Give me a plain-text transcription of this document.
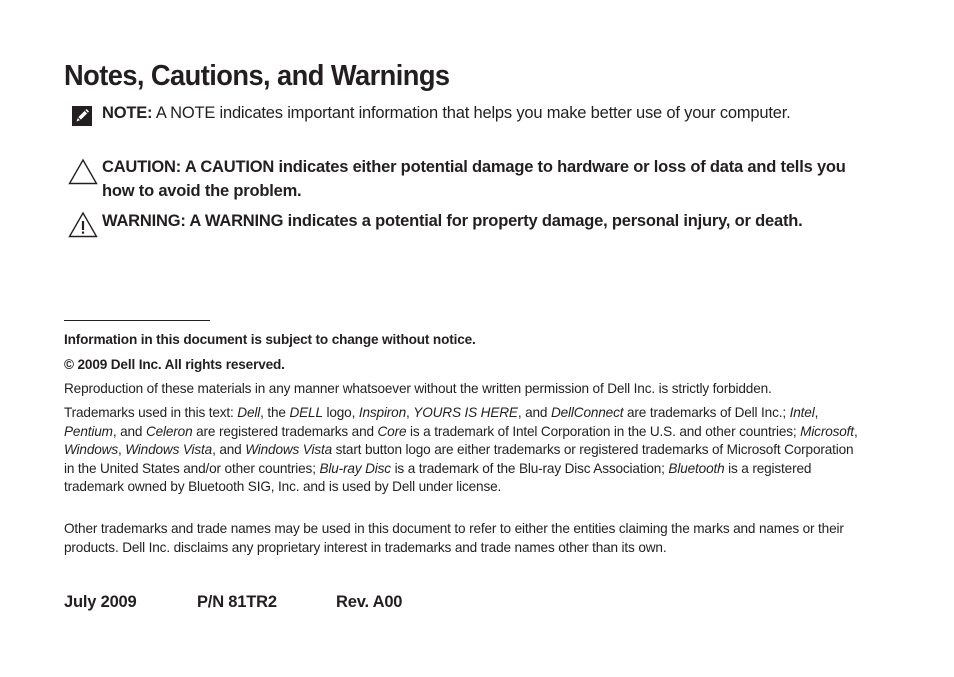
Notes, Cautions, and Warnings
NOTE: A NOTE indicates important information that helps you make better use of your computer.
CAUTION: A CAUTION indicates either potential damage to hardware or loss of data and tells you how to avoid the problem.
WARNING: A WARNING indicates a potential for property damage, personal injury, or death.

Information in this document is subject to change without notice.

© 2009 Dell Inc. All rights reserved.

Reproduction of these materials in any manner whatsoever without the written permission of Dell Inc. is strictly forbidden.

Trademarks used in this text: Dell, the DELL logo, Inspiron, YOURS IS HERE, and DellConnect are trademarks of Dell Inc.; Intel, Pentium, and Celeron are registered trademarks and Core is a trademark of Intel Corporation in the U.S. and other countries; Microsoft, Windows, Windows Vista, and Windows Vista start button logo are either trademarks or registered trademarks of Microsoft Corporation in the United States and/or other countries; Blu-ray Disc is a trademark of the Blu-ray Disc Association; Bluetooth is a registered trademark owned by Bluetooth SIG, Inc. and is used by Dell under license.

Other trademarks and trade names may be used in this document to refer to either the entities claiming the marks and names or their products. Dell Inc. disclaims any proprietary interest in trademarks and trade names other than its own.

July 2009	P/N 81TR2	Rev. A00
